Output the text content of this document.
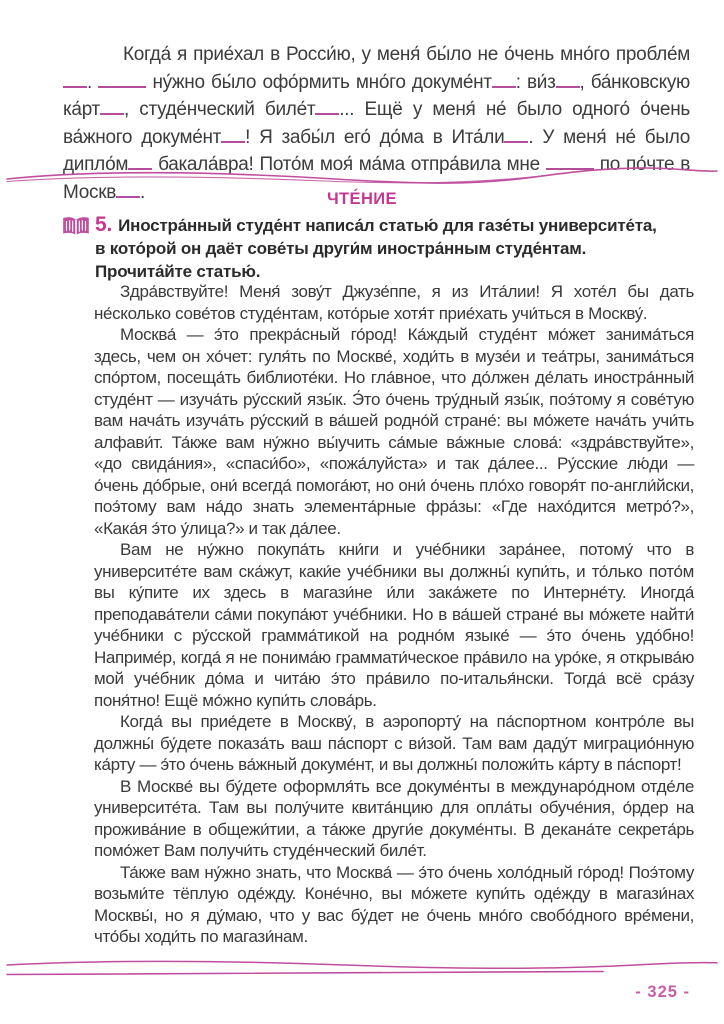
Когда́ я прие́хал в Росси́ю, у меня́ бы́ло не о́чень мно́го пробле́м.	ну́жно бы́ло офо́рмить мно́го докуме́нт : ви́з , ба́нковскую ка́рт , студе́нческий биле́т ... Ещё у меня́ не́ было одного́ о́чень ва́жного докуме́нт ! Я забы́л его́ до́ма в Ита́ли . У меня́ не́ было дипло́м бакала́вра! Пото́м моя́ ма́ма отпра́вила мне	по по́чте в Москв .	ЧТЕ́НИЕ
5. Иностра́нный студе́нт написа́л статью́ для газе́ты университе́та,
в кото́рой он даёт сове́ты други́м иностра́нным студе́нтам.
Прочита́йте статью́.

Здра́вствуйте! Меня́ зову́т Джузе́ппе, я из Ита́лии! Я хоте́л бы дать не́сколько сове́тов студе́нтам, кото́рые хотя́т прие́хать учи́ться в Москву́.

Москва́ — э́то прекра́сный го́род! Ка́ждый студе́нт мо́жет занима́ться здесь, чем он хо́чет: гуля́ть по Москве́, ходи́ть в музе́и и теа́тры, занима́ться спо́ртом, посеща́ть библиоте́ки. Но гла́вное, что до́лжен де́лать иностра́нный студе́нт — изуча́ть ру́сский язы́к. Э́то о́чень тру́дный язы́к, поэ́тому я сове́тую вам нача́ть изуча́ть ру́сский в ва́шей родно́й стране́: вы мо́жете нача́ть учи́ть алфави́т. Та́кже вам ну́жно вы́учить са́мые ва́жные слова́: «здра́вствуйте», «до свида́ния», «спаси́бо», «пожа́луйста» и так да́лее... Ру́сские лю́ди — о́чень до́брые, они́ всегда́ помога́ют, но они́ о́чень пло́хо говоря́т по-англи́йски, поэ́тому вам на́до знать элемента́рные фра́зы: «Где нахо́дится метро́?», «Кака́я э́то у́лица?» и так да́лее.

Вам не ну́жно покупа́ть кни́ги и уче́бники зара́нее, потому́ что в университе́те вам ска́жут, каки́е уче́бники вы должны́ купи́ть, и то́лько пото́м вы ку́пите их здесь в магази́не и́ли зака́жете по Интерне́ту. Иногда́ преподава́тели са́ми покупа́ют уче́бники. Но в ва́шей стране́ вы мо́жете найти́ уче́бники с ру́сской грамма́тикой на родно́м языке́ — э́то о́чень удо́бно! Наприме́р, когда́ я не понима́ю граммати́ческое пра́вило на уро́ке, я открыва́ю мой уче́бник до́ма и чита́ю э́то пра́вило по-италья́нски. Тогда́ всё сра́зу поня́тно! Ещё мо́жно купи́ть слова́рь.

Когда́ вы прие́дете в Москву́, в аэропорту́ на па́спортном контро́ле вы должны́ бу́дете показа́ть ваш па́спорт с ви́зой. Там вам даду́т миграцио́нную ка́рту — э́то о́чень ва́жный докуме́нт, и вы должны́ положи́ть ка́рту в па́спорт!

В Москве́ вы бу́дете оформля́ть все докуме́нты в междунаро́дном отде́ле университе́та. Там вы полу́чите квита́нцию для опла́ты обуче́ния, о́рдер на прожива́ние в общежи́тии, а та́кже други́е докуме́нты. В декана́те секрета́рь помо́жет Вам получи́ть студе́нческий биле́т.

Та́кже вам ну́жно знать, что Москва́ — э́то о́чень холо́дный го́род! Поэ́тому возьми́те тёплую оде́жду. Коне́чно, вы мо́жете купи́ть оде́жду в магази́нах Москвы́, но я ду́маю, что у вас бу́дет не о́чень мно́го свобо́дного вре́мени, что́бы ходи́ть по магази́нам.

- 325 -
